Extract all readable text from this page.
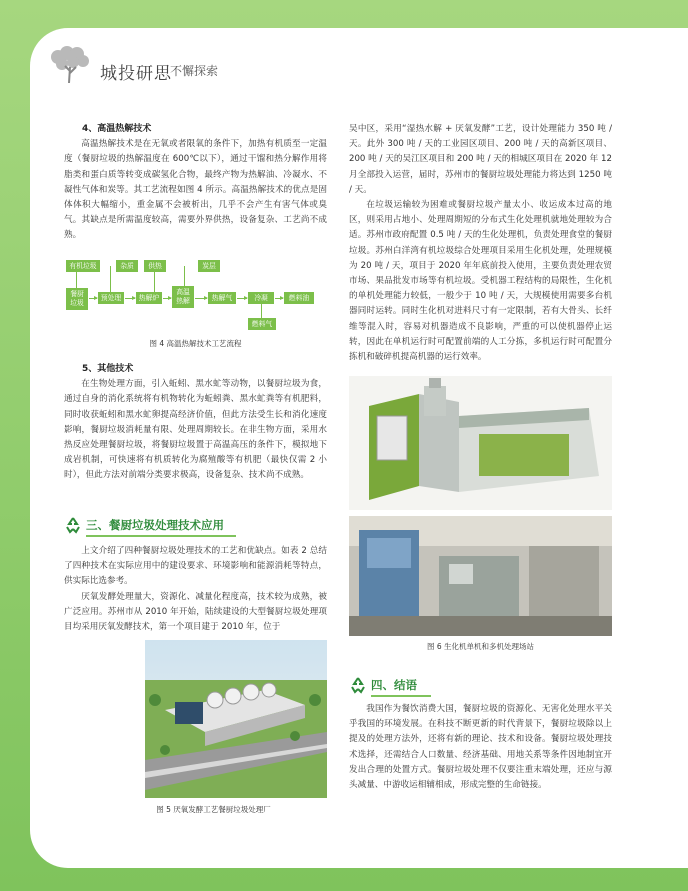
城投研思
不懈探索
4、高温热解技术

高温热解技术是在无氧或者限氧的条件下，加热有机质至一定温度（餐厨垃圾的热解温度在 600℃以下），通过干馏和热分解作用将脂类和蛋白质等转变成碳氢化合物，最终产物为热解油、冷凝水、不凝性气体和炭等。其工艺流程如图 4 所示。高温热解技术的优点是固体体积大幅缩小，重金属不会被析出，几乎不会产生有害气体或臭气。其缺点是所需温度较高，需要外界供热，设备复杂、工艺尚不成熟。

有机垃圾	杂质	供热	炭层
餐厨
垃圾
预处理	热解炉
高温
热解	热解气	冷凝	燃料油
燃料气
图 4 高温热解技术工艺流程
5、其他技术

在生物处理方面，引入蚯蚓、黑水虻等动物，以餐厨垃圾为食，通过自身的消化系统将有机物转化为蚯蚓粪、黑水虻粪等有机肥料，同时收获蚯蚓和黑水虻卵提高经济价值，但此方法受生长和消化速度影响，餐厨垃圾消耗量有限、处理周期较长。在非生物方面，采用水热反应处理餐厨垃圾，将餐厨垃圾置于高温高压的条件下，模拟地下成岩机制，可快速将有机质转化为腐殖酸等有机肥（最快仅需 2 小时），但此方法对前端分类要求极高，设备复杂、技术尚不成熟。

三、餐厨垃圾处理技术应用

上文介绍了四种餐厨垃圾处理技术的工艺和优缺点。如表 2 总结了四种技术在实际应用中的建设要求、环境影响和能源消耗等特点，供实际比选参考。

厌氧发酵处理量大，资源化、减量化程度高，技术较为成熟，被广泛应用。苏州市从 2010 年开始，陆续建设的大型餐厨垃圾处理项目均采用厌氧发酵技术，第一个项目建于 2010 年，位于

图 5 厌氧发酵工艺餐厨垃圾处理厂

吴中区，采用“湿热水解 + 厌氧发酵”工艺，设计处理能力 350 吨 / 天。此外 300 吨 / 天的工业园区项目、200 吨 / 天的高新区项目、200 吨 / 天的吴江区项目和 200 吨 / 天的相城区项目在 2020 年 12 月全部投入运营，届时，苏州市的餐厨垃圾处理能力将达到 1250 吨 / 天。

在垃圾运输较为困难或餐厨垃圾产量太小、收运成本过高的地区，则采用占地小、处理周期短的分布式生化处理机就地处理较为合适。苏州市政府配置 0.5 吨 / 天的生化处理机，负责处理食堂的餐厨垃圾。苏州白洋湾有机垃圾综合处理项目采用生化机处理，处理规模为 20 吨 / 天，项目于 2020 年年底前投入使用，主要负责处理农贸市场、果品批发市场等有机垃圾。受机器工程结构的局限性，生化机的单机处理能力较低，一般少于 10 吨 / 天，大规模使用需要多台机器同时运转。同时生化机对进料尺寸有一定限制，若有大骨头、长纤维等混入时，容易对机器造成不良影响，严重的可以使机器停止运转，因此在单机运行时可配置前端的人工分拣，多机运行时可配置分拣机和破碎机提高机器的运行效率。

图 6 生化机单机和多机处理场站
四、结语

我国作为餐饮消费大国，餐厨垃圾的资源化、无害化处理水平关乎我国的环境发展。在科技不断更新的时代背景下，餐厨垃圾除以上提及的处理方法外，还将有新的理论、技术和设备。餐厨垃圾处理技术选择，还需结合人口数量、经济基础、用地关系等条件因地制宜开发出合理的处置方式。餐厨垃圾处理不仅要注重末端处理，还应与源头减量、中游收运相辅相成，形成完整的生命链接。
